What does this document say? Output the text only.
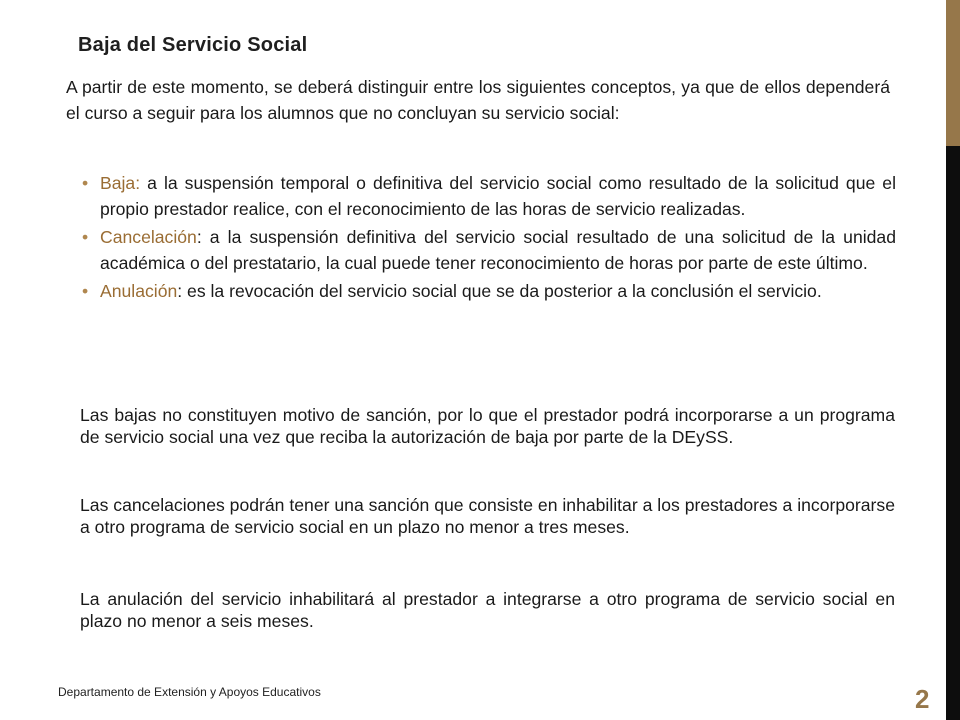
Baja del Servicio Social
A partir de este momento, se deberá distinguir entre los siguientes conceptos, ya que de ellos dependerá el curso a seguir para los alumnos que no concluyan su servicio social:
• Baja: a la suspensión temporal o definitiva del servicio social como resultado de la solicitud que el propio prestador realice, con el reconocimiento de las horas de servicio realizadas.
• Cancelación: a la suspensión definitiva del servicio social resultado de una solicitud de la unidad académica o del prestatario, la cual puede tener reconocimiento de horas por parte de este último.
• Anulación: es la revocación del servicio social que se da posterior a la conclusión el servicio.
Las bajas no constituyen motivo de sanción, por lo que el prestador podrá incorporarse a un programa de servicio social una vez que reciba la autorización de baja por parte de la DEySS.
Las cancelaciones podrán tener una sanción que consiste en inhabilitar a los prestadores a incorporarse a otro programa de servicio social en un plazo no menor a tres meses.
La anulación del servicio inhabilitará al prestador a integrarse a otro programa de servicio social en plazo no menor a seis meses.
Departamento de Extensión y Apoyos Educativos	2
